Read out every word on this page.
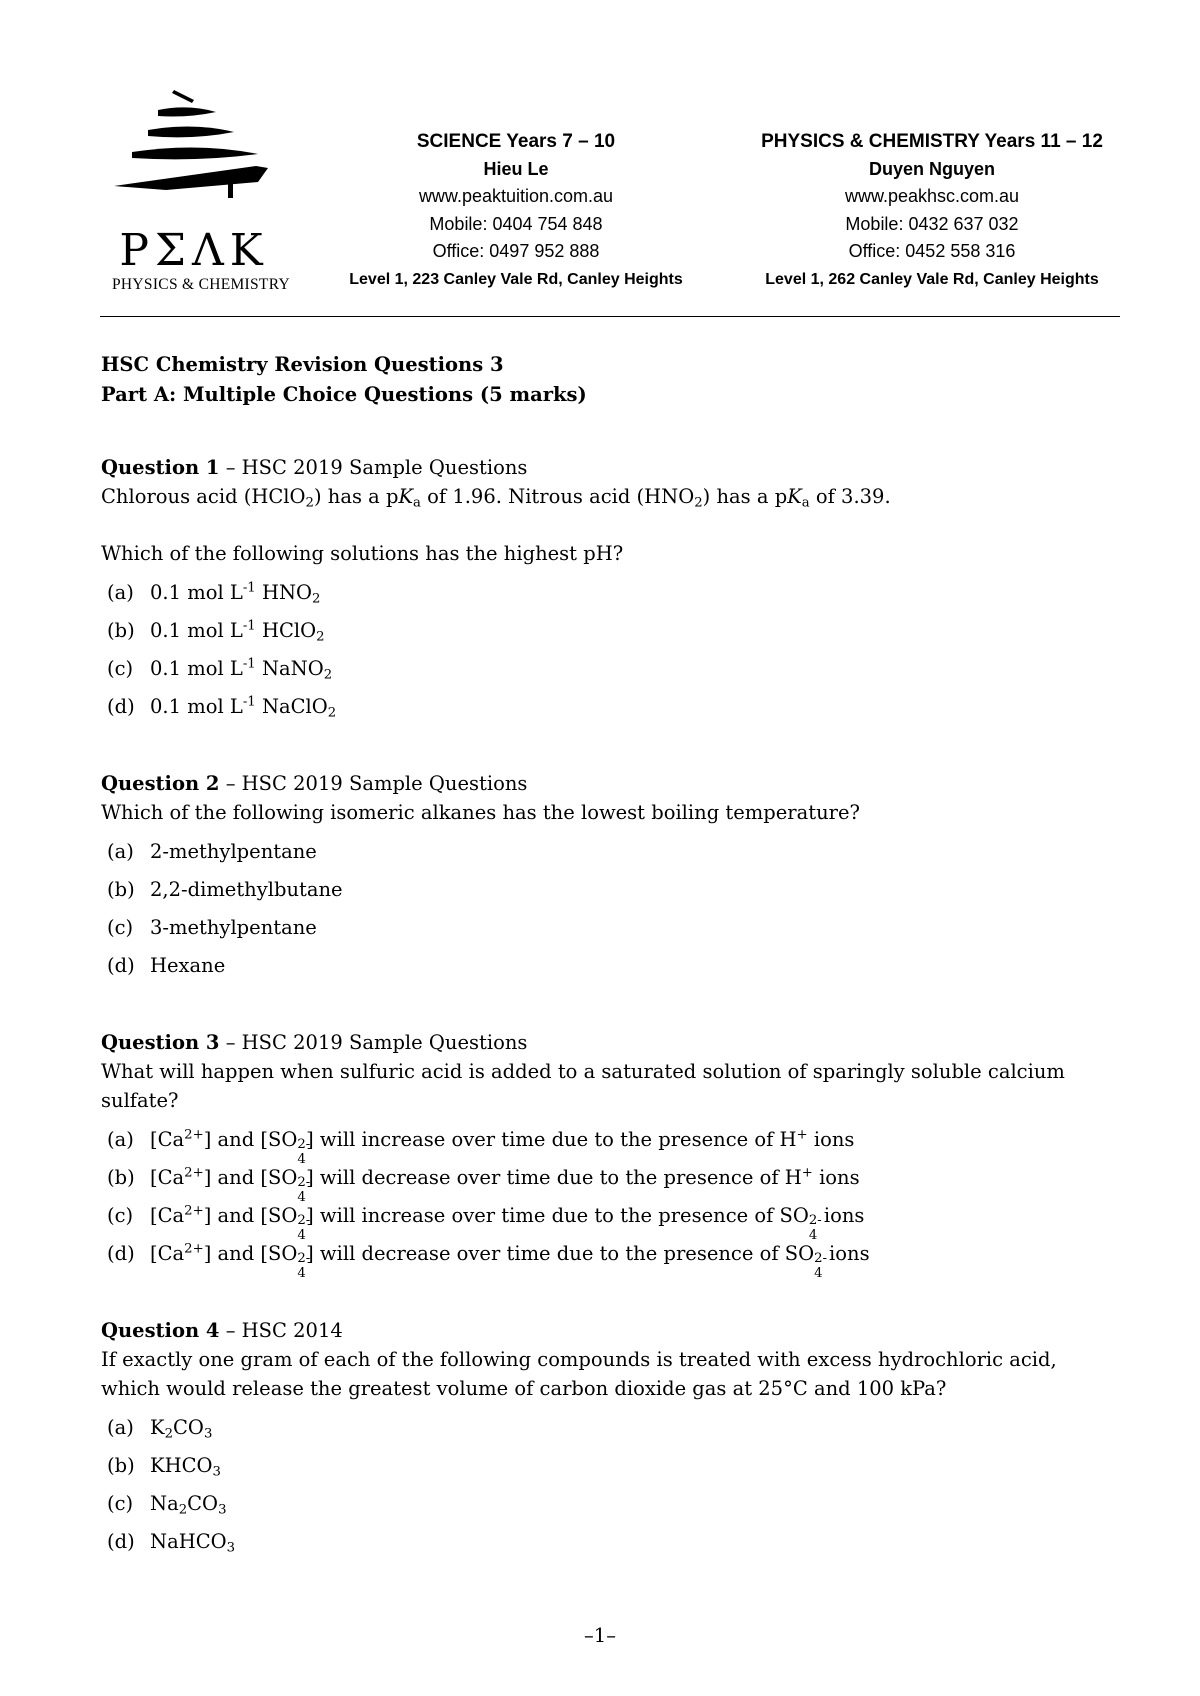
PΣΛΚ
PHYSICS & CHEMISTRY
SCIENCE Years 7 – 10
Hieu Le
www.peaktuition.com.au
Mobile: 0404 754 848
Office: 0497 952 888
Level 1, 223 Canley Vale Rd, Canley Heights
PHYSICS & CHEMISTRY Years 11 – 12
Duyen Nguyen
www.peakhsc.com.au
Mobile: 0432 637 032
Office: 0452 558 316
Level 1, 262 Canley Vale Rd, Canley Heights
HSC Chemistry Revision Questions 3
Part A: Multiple Choice Questions (5 marks)
Question 1 – HSC 2019 Sample Questions
Chlorous acid (HClO$_2$) has a $pK_a$ of 1.96. Nitrous acid $(HNO_2)$ has a $pK_a$ of 3.39.
Which of the following solutions has the highest pH?
(a) 0.1 mol $L^{-1}$ $HNO_2$
(b) 0.1 mol $L^{-1}$ HClO$_2$
(c) 0.1 mol $L^{-1}$ NaNO$_2$
(d) 0.1 mol $L^{-1}$ NaClO$_2$
Question 2 – HSC 2019 Sample Questions
Which of the following isomeric alkanes has the lowest boiling temperature?
(a) 2-methylpentane
(b) 2,2-dimethylbutane
(c) 3-methylpentane
(d) Hexane
Question 3 – HSC 2019 Sample Questions
What will happen when sulfuric acid is added to a saturated solution of sparingly soluble calcium sulfate?
(a) $[Ca^{2+}]$ and [SO 2-
4
] will increase over time due to the presence of H+ ions
(b) $[Ca^{2+}]$ and [SO 2-
4
] will decrease over time due to the presence of H+ ions
(c) $[Ca^{2+}]$ and [SO 2-
4
] will increase over time due to the presence of SO 2-
4
ions
(d) $[Ca^{2+}]$ and [SO 2-
4
] will decrease over time due to the presence of SO 2-
4
ions
Question 4 – HSC 2014
If exactly one gram of each of the following compounds is treated with excess hydrochloric acid, which would release the greatest volume of carbon dioxide gas at 25°C and 100 kPa?
(a) $K_2CO_3$
(b) $KHCO_3$
(c) $Na_2CO_3$
(d) NaHCO$_3$
–1–
